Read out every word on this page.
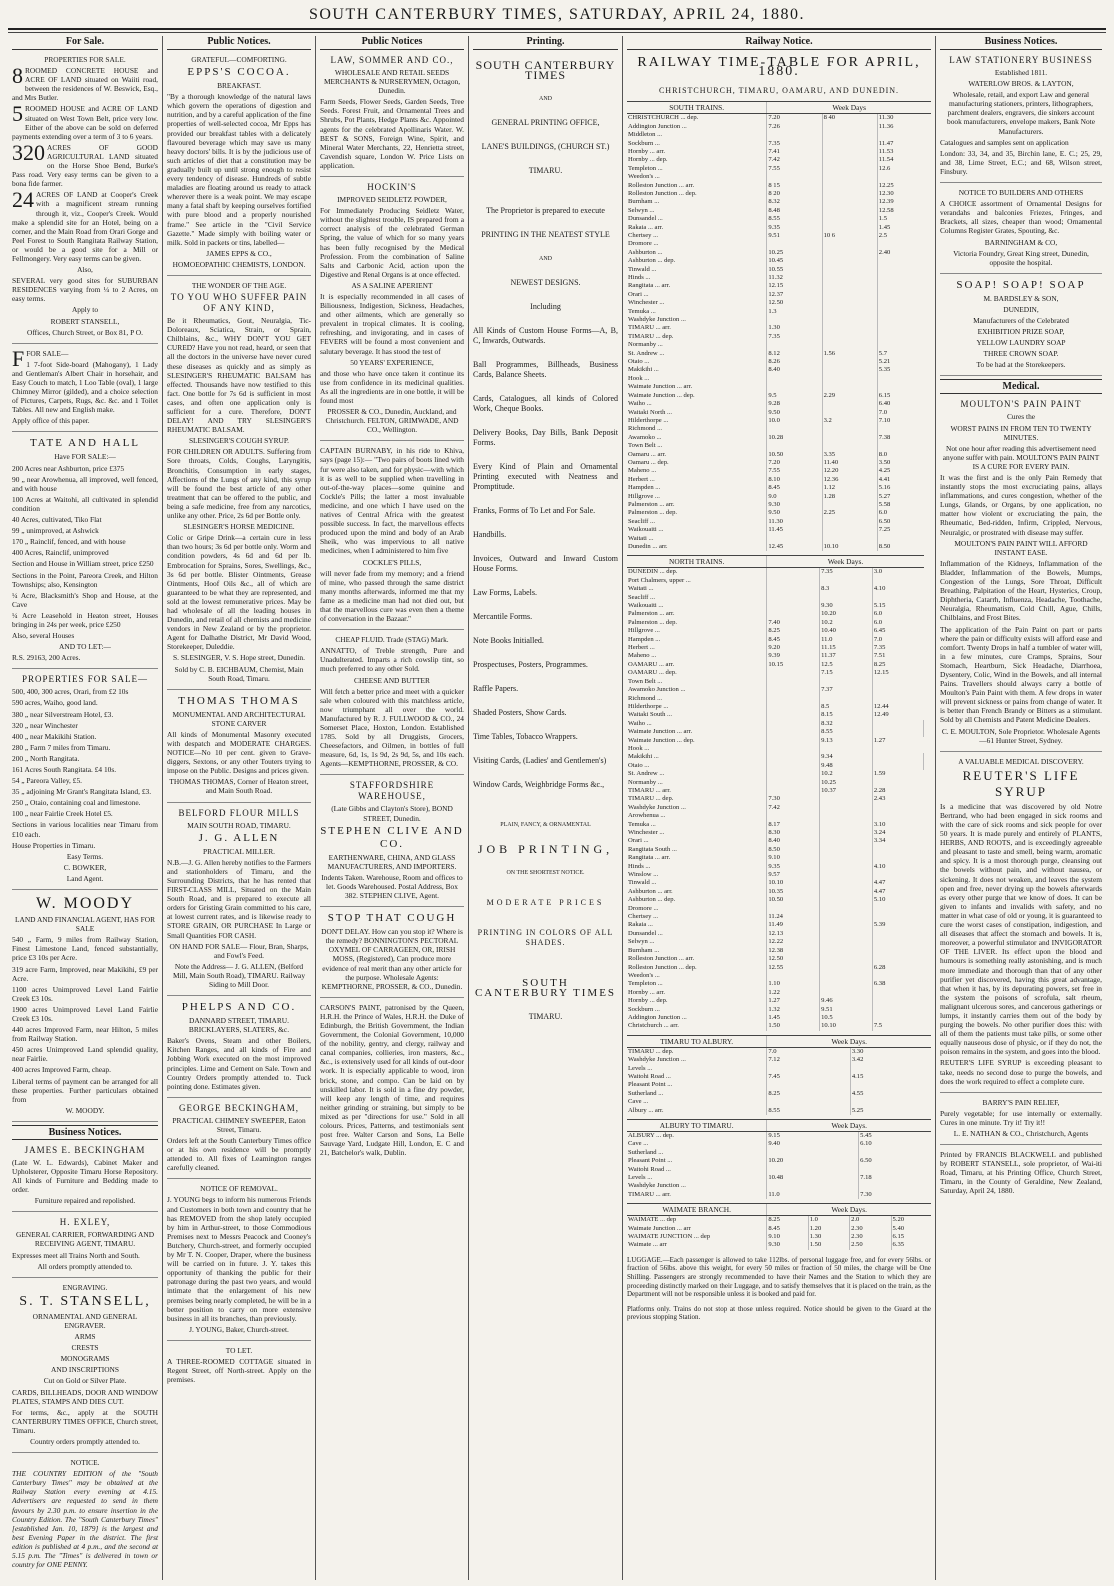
SOUTH CANTERBURY TIMES, SATURDAY, APRIL 24, 1880.
For Sale.

PROPERTIES FOR SALE.

8 ROOMED CONCRETE HOUSE and ACRE OF LAND situated on Waiiti road, between the residences of W. Beswick, Esq., and Mrs Butler.

5 ROOMED HOUSE and ACRE OF LAND situated on West Town Belt, price very low. Either of the above can be sold on deferred payments extending over a term of 3 to 6 years.

320 ACRES OF GOOD AGRICULTURAL LAND situated on the Horse Shoe Bend, Burke's Pass road. Very easy terms can be given to a bona fide farmer.

24 ACRES OF LAND at Cooper's Creek with a magnificent stream running through it, viz., Cooper's Creek. Would make a splendid site for an Hotel, being on a corner, and the Main Road from Orari Gorge and Peel Forest to South Rangitata Railway Station, or would be a good site for a Mill or Fellmongery. Very easy terms can be given.

Also,

SEVERAL very good sites for SUBURBAN RESIDENCES varying from ¼ to 2 Acres, on easy terms.

Apply to

ROBERT STANSELL,

Offices, Church Street, or Box 81, P O.

FFOR SALE—

1 7-foot Side-board (Mahogany), 1 Lady and Gentleman's Albert Chair in horsehair, and Easy Couch to match, 1 Loo Table (oval), 1 large Chimney Mirror (gilded), and a choice selection of Pictures, Carpets, Rugs, &c. &c. and 1 Toilet Tables. All new and English make.

Apply office of this paper.

TATE AND HALL

Have FOR SALE:—

200 Acres near Ashburton, price £375

90 „ near Arowhenua, all improved, well fenced, and with house

100 Acres at Waitohi, all cultivated in splendid condition

40 Acres, cultivated, Tiko Flat

99 „ unimproved, at Ashwick

170 „ Rainclif, fenced, and with house

400 Acres, Rainclif, unimproved

Section and House in William street, price £250

Sections in the Point, Pareora Creek, and Hilton Townships; also, Kensington

¼ Acre, Blacksmith's Shop and House, at the Cave

¼ Acre Leasehold in Heaton street, Houses bringing in 24s per week, price £250

Also, several Houses

AND TO LET:—

R.S. 29163, 200 Acres.

PROPERTIES FOR SALE—

500, 400, 300 acres, Orari, from £2 10s

590 acres, Waiho, good land.

380 „ near Silverstream Hotel, £3.

320 „ near Winchester

400 „ near Makikihi Station.

280 „ Farm 7 miles from Timaru.

200 „ North Rangitata.

161 Acres South Rangitata. £4 10s.

54 „ Pareora Valley, £5.

35 „ adjoining Mr Grant's Rangitata Island, £3.

250 „ Otaio, containing coal and limestone.

100 „ near Fairlie Creek Hotel £5.

Sections in various localities near Timaru from £10 each.

House Properties in Timaru.

Easy Terms.

C. BOWKER,

Land Agent.

W. MOODY

LAND AND FINANCIAL AGENT, HAS FOR SALE

540 „ Farm, 9 miles from Railway Station, Finest Limestone Land, fenced substantially, price £3 10s per Acre.

319 acre Farm, Improved, near Makikihi, £9 per Acre.

1100 acres Unimproved Level Land Fairlie Creek £3 10s.

1900 acres Unimproved Level Land Fairlie Creek £3 10s.

440 acres Improved Farm, near Hilton, 5 miles from Railway Station.

450 acres Unimproved Land splendid quality, near Fairlie.

400 acres Improved Farm, cheap.

Liberal terms of payment can be arranged for all these properties. Further particulars obtained from

W. MOODY.

Business Notices.

JAMES E. BECKINGHAM

(Late W. L. Edwards), Cabinet Maker and Upholsterer, Opposite Timaru Horse Repository. All kinds of Furniture and Bedding made to order.

Furniture repaired and repolished.

H. EXLEY,

GENERAL CARRIER, FORWARDING AND RECEIVING AGENT, TIMARU.

Expresses meet all Trains North and South.

All orders promptly attended to.

ENGRAVING.

S. T. STANSELL,

ORNAMENTAL AND GENERAL ENGRAVER.

ARMS

CRESTS

MONOGRAMS

AND INSCRIPTIONS

Cut on Gold or Silver Plate.

CARDS, BILLHEADS, DOOR AND WINDOW PLATES, STAMPS AND DIES CUT.

For terms, &c., apply at the SOUTH CANTERBURY TIMES OFFICE, Church street, Timaru.

Country orders promptly attended to.

NOTICE.

THE COUNTRY EDITION of the "South Canterbury Times" may be obtained at the Railway Station every evening at 4.15. Advertisers are requested to send in them favours by 2.30 p.m. to ensure insertion in the Country Edition. The "South Canterbury Times" [established Jan. 10, 1879] is the largest and best Evening Paper in the district. The first edition is published at 4 p.m., and the second at 5.15 p.m. The "Times" is delivered in town or country for ONE PENNY.

Public Notices.

GRATEFUL—COMFORTING.

EPPS'S COCOA.

BREAKFAST.

"By a thorough knowledge of the natural laws which govern the operations of digestion and nutrition, and by a careful application of the fine properties of well-selected cocoa, Mr Epps has provided our breakfast tables with a delicately flavoured beverage which may save us many heavy doctors' bills. It is by the judicious use of such articles of diet that a constitution may be gradually built up until strong enough to resist every tendency of disease. Hundreds of subtle maladies are floating around us ready to attack wherever there is a weak point. We may escape many a fatal shaft by keeping ourselves fortified with pure blood and a properly nourished frame." See article in the "Civil Service Gazette." Made simply with boiling water or milk. Sold in packets or tins, labelled—

JAMES EPPS & CO.,

HOMOEOPATHIC CHEMISTS, LONDON.

THE WONDER OF THE AGE.

TO YOU WHO SUFFER PAIN OF ANY KIND,

Be it Rheumatics, Gout, Neuralgia, Tic-Doloreaux, Sciatica, Strain, or Sprain, Chilblains, &c., WHY DON'T YOU GET CURED? Have you not read, heard, or seen that all the doctors in the universe have never cured these diseases as quickly and as simply as SLESINGER'S RHEUMATIC BALSAM has effected. Thousands have now testified to this fact. One bottle for 7s 6d is sufficient in most cases, and often one application only is sufficient for a cure. Therefore, DON'T DELAY! AND TRY SLESINGER'S RHEUMATIC BALSAM.

SLESINGER'S COUGH SYRUP.

FOR CHILDREN OR ADULTS. Suffering from Sore throats, Colds, Coughs, Laryngitis, Bronchitis, Consumption in early stages, Affections of the Lungs of any kind, this syrup will be found the best article of any other treatment that can be offered to the public, and being a safe medicine, free from any narcotics, unlike any other. Price, 2s 6d per Bottle only.

SLESINGER'S HORSE MEDICINE.

Colic or Gripe Drink—a certain cure in less than two hours; 3s 6d per bottle only. Worm and condition powders, 4s 6d and 6d per lb. Embrocation for Sprains, Sores, Swellings, &c., 3s 6d per bottle. Blister Ointments, Grease Ointments, Hoof Oils &c., all of which are guaranteed to be what they are represented, and sold at the lowest remunerative prices. May be had wholesale of all the leading houses in Dunedin, and retail of all chemists and medicine vendors in New Zealand or by the proprietor. Agent for Dalhathe District, Mr David Wood, Storekeeper, Duleddie.

S. SLESINGER, V. S. Hope street, Dunedin.

Sold by C. B. EICHBAUM, Chemist, Main South Road, Timaru.

THOMAS THOMAS

MONUMENTAL AND ARCHITECTURAL STONE CARVER

All kinds of Monumental Masonry executed with despatch and MODERATE CHARGES. NOTICE—No 10 per cent. given to Grave-diggers, Sextons, or any other Touters trying to impose on the Public. Designs and prices given.

THOMAS THOMAS, Corner of Heaton street, and Main South Road.

BELFORD FLOUR MILLS

MAIN SOUTH ROAD, TIMARU.

J. G. ALLEN

PRACTICAL MILLER.

N.B.—J. G. Allen hereby notifies to the Farmers and stationholders of Timaru, and the Surrounding Districts, that he has rented that FIRST-CLASS MILL, Situated on the Main South Road, and is prepared to execute all orders for Gristing Grain committed to his care, at lowest current rates, and is likewise ready to STORE GRAIN, OR PURCHASE In Large or Small Quantities FOR CASH.

ON HAND FOR SALE— Flour, Bran, Sharps, and Fowl's Feed.

Note the Address— J. G. ALLEN, (Belford Mill, Main South Road), TIMARU. Railway Siding to Mill Door.

PHELPS AND CO.

DANNARD STREET, TIMARU. BRICKLAYERS, SLATERS, &c.

Baker's Ovens, Steam and other Boilers, Kitchen Ranges, and all kinds of Fire and Jobbing Work executed on the most improved principles. Lime and Cement on Sale. Town and Country Orders promptly attended to. Tuck pointing done. Estimates given.

GEORGE BECKINGHAM,

PRACTICAL CHIMNEY SWEEPER, Eaton Street, Timaru.

Orders left at the South Canterbury Times office or at his own residence will be promptly attended to. All fixes of Leamington ranges carefully cleaned.

NOTICE OF REMOVAL.

J. YOUNG begs to inform his numerous Friends and Customers in both town and country that he has REMOVED from the shop lately occupied by him in Arthur-street, to those Commodious Premises next to Messrs Peacock and Cooney's Butchery, Church-street, and formerly occupied by Mr T. N. Cooper, Draper, where the business will be carried on in future. J. Y. takes this opportunity of thanking the public for their patronage during the past two years, and would intimate that the enlargement of his new premises being nearly completed, he will be in a better position to carry on more extensive business in all its branches, than previously.

J. YOUNG, Baker, Church-street.

TO LET.

A THREE-ROOMED COTTAGE situated in Regent Street, off North-street. Apply on the premises.

Public Notices

LAW, SOMMER AND CO.,

WHOLESALE AND RETAIL SEEDS MERCHANTS & NURSERYMEN, Octagon, Dunedin.

Farm Seeds, Flower Seeds, Garden Seeds, Tree Seeds. Forest Fruit, and Ornamental Trees and Shrubs, Pot Plants, Hedge Plants &c. Appointed agents for the celebrated Apollinaris Water. W. BEST & SONS, Foreign Wine, Spirit, and Mineral Water Merchants, 22, Henrietta street, Cavendish square, London W. Price Lists on application.

HOCKIN'S

IMPROVED SEIDLETZ POWDER,

For Immediately Producing Seidletz Water, without the slightest trouble, IS prepared from a correct analysis of the celebrated German Spring, the value of which for so many years has been fully recognised by the Medical Profession. From the combination of Saline Salts and Carbonic Acid, action upon the Digestive and Renal Organs is at once effected.

AS A SALINE APERIENT

It is especially recommended in all cases of Biliousness, Indigestion, Sickness, Headaches, and other ailments, which are generally so prevalent in tropical climates. It is cooling, refreshing, and invigorating, and in cases of FEVERS will be found a most convenient and salutary beverage. It has stood the test of

50 YEARS' EXPERIENCE,

and those who have once taken it continue its use from confidence in its medicinal qualities. As all the ingredients are in one bottle, it will be found most

PROSSER & CO., Dunedin, Auckland, and Christchurch. FELTON, GRIMWADE, AND CO., Wellington.

CAPTAIN BURNABY, in his ride to Khiva, says (page 15):— "Two pairs of boots lined with fur were also taken, and for physic—with which it is as well to be supplied when travelling in out-of-the-way places—some quinine and Cockle's Pills; the latter a most invaluable medicine, and one which I have used on the natives of Central Africa with the greatest possible success. In fact, the marvellous effects produced upon the mind and body of an Arab Sheik, who was impervious to all native medicines, when I administered to him five

COCKLE'S PILLS,

will never fade from my memory; and a friend of mine, who passed through the same district many months afterwards, informed me that my fame as a medicine man had not died out, but that the marvellous cure was even then a theme of conversation in the Bazaar."

CHEAP FLUID. Trade (STAG) Mark.

ANNATTO, of Treble strength, Pure and Unadulterated. Imparts a rich cowslip tint, so much preferred to any other Sold.

CHEESE AND BUTTER

Will fetch a better price and meet with a quicker sale when coloured with this matchless article, now triumphant all over the world. Manufactured by R. J. FULLWOOD & CO., 24 Somerset Place, Hoxton, London. Established 1785. Sold by all Druggists, Grocers, Cheesefactors, and Oilmen, in bottles of full measure, 6d, 1s, 1s 9d, 2s 9d, 5s, and 10s each. Agents—KEMPTHORNE, PROSSER, & CO.

STAFFORDSHIRE WAREHOUSE,

(Late Gibbs and Clayton's Store), BOND STREET, Dunedin.

STEPHEN CLIVE AND CO.

EARTHENWARE, CHINA, AND GLASS MANUFACTURERS, AND IMPORTERS.

Indents Taken. Warehouse, Room and offices to let. Goods Warehoused. Postal Address, Box 382. STEPHEN CLIVE, Agent.

STOP THAT COUGH

DON'T DELAY. How can you stop it? Where is the remedy? BONNINGTON'S PECTORAL OXYMEL OF CARRAGEEN, OR, IRISH MOSS, (Registered), Can produce more evidence of real merit than any other article for the purpose. Wholesale Agents: KEMPTHORNE, PROSSER, & CO., Dunedin.

CARSON'S PAINT, patronised by the Queen, H.R.H. the Prince of Wales, H.R.H. the Duke of Edinburgh, the British Government, the Indian Government, the Colonial Government, 10,000 of the nobility, gentry, and clergy, railway and canal companies, collieries, iron masters, &c., &c., is extensively used for all kinds of out-door work. It is especially applicable to wood, iron brick, stone, and compo. Can be laid on by unskilled labor. It is sold in a fine dry powder, will keep any length of time, and requires neither grinding or straining, but simply to be mixed as per "directions for use." Sold in all colours. Prices, Patterns, and testimonials sent post free. Walter Carson and Sons, La Belle Sauvage Yard, Ludgate Hill, London, E. C and 21, Batchelor's walk, Dublin.

Printing.

SOUTH CANTERBURY TIMES

AND

GENERAL PRINTING OFFICE,

LANE'S BUILDINGS, (CHURCH ST.)

TIMARU.

The Proprietor is prepared to execute

PRINTING IN THE NEATEST STYLE

AND

NEWEST DESIGNS.

Including

All Kinds of Custom House Forms—A, B, C, Inwards, Outwards.

Ball Programmes, Billheads, Business Cards, Balance Sheets.

Cards, Catalogues, all kinds of Colored Work, Cheque Books.

Delivery Books, Day Bills, Bank Deposit Forms.

Every Kind of Plain and Ornamental Printing executed with Neatness and Promptitude.

Franks, Forms of To Let and For Sale.

Handbills.

Invoices, Outward and Inward Custom House Forms.

Law Forms, Labels.

Mercantile Forms.

Note Books Initialled.

Prospectuses, Posters, Programmes.

Raffle Papers.

Shaded Posters, Show Cards.

Time Tables, Tobacco Wrappers.

Visiting Cards, (Ladies' and Gentlemen's)

Window Cards, Weighbridge Forms &c.,

PLAIN, FANCY, & ORNAMENTAL

JOB PRINTING,

ON THE SHORTEST NOTICE.

MODERATE PRICES

PRINTING IN COLORS OF ALL SHADES.

SOUTH CANTERBURY TIMES

TIMARU.

Railway Notice.
RAILWAY TIME-TABLE FOR APRIL, 1880.
CHRISTCHURCH, TIMARU, OAMARU, AND DUNEDIN.
SOUTH TRAINS.	Week Days		
CHRISTCHURCH ... dep.	7.20	8 40	11.30
Addington Junction ...	7.26		11.36
Middleton ...			
Sockburn ...	7.35		11.47
Hornby ... arr.	7.41		11.53
Hornby ... dep.	7.42		11.54
Templeton ...	7.55		12.6
Weedon's ...			
Rolleston Junction ... arr.	8 15		12.25
Rolleston Junction ... dep.	8 20		12.30
Burnham ...	8.32		12.39
Selwyn ...	8.48		12.58
Dunsandel ...	8.55		1.5
Rakaia ... arr.	9.35		1.45
Chertsey ...	9.51	10 6	2.5
Dromore ...			
Ashburton ...	10.25		2.40
Ashburton ... dep.	10.45		
Tinwald ...	10.55		
Hinds ...	11.32		
Rangitata ... arr.	12.15		
Orari ...	12.37		
Winchester ...	12.50		
Temuka ...	1.3		
Washdyke Junction ...			
TIMARU ... arr.	1.30		
TIMARU ... dep.	7.35		
Normanby ...			
St. Andrew ...	8.12	1.56	5.7
Otaio ...	8.26		5.21
Makikihi ...	8.40		5.35
Hook ...			
Waimate Junction ... arr.			
Waimate Junction ... dep.	9.5	2.29	6.15
Waiho ...	9.28		6.40
Waitaki North ...	9.50		7.0
Hilderthorpe ...	10.0	3.2	7.10
Richmond ...			
Awamoko ...	10.28		7.38
Town Belt ...			
Oamaru ... arr.	10.50	3.35	8.0
Oamaru ... dep.	7.20	11.40	3.50
Maheno ...	7.55	12.20	4.25
Herbert ...	8.10	12.36	4.41
Hampden ...	8.45	1.12	5.16
Hillgrove ...	9.0	1.28	5.27
Palmerston ... arr.	9.30		5.58
Palmerston ... dep.	9.50	2.25	6.0
Seacliff ...	11.30		6.50
Waikouaiti ...	11.45		7.25
Waitati ...			
Dunedin ... arr.	12.45	10.10	8.50
NORTH TRAINS.	Week Days.			
DUNEDIN ... dep.		7.35	3.0	
Port Chalmers, upper ...				
Waitati ...		8.3	4.10	
Seacliff ...				
Waikouaiti ...		9.30	5.15	
Palmerston ... arr.		10.20	6.0	
Palmerston ... dep.	7.40	10.2	6.0	
Hillgrove ...	8.25	10.40	6.45	
Hampden ...	8.45	11.0	7.0	
Herbert ...	9.20	11.15	7.35	
Maheno ...	9.39	11.37	7.51	
OAMARU ... arr.	10.15	12.5	8.25	
OAMARU ... dep.		7.15	12.15	
Town Belt ...				
Awamoko Junction ...		7.37		
Richmond ...				
Hilderthorpe ...		8.5	12.44	
Waitaki South ...		8.15	12.49	
Waiho ...		8.32		
Waimate Junction ... arr.		8.55		
Waimate Junction ... dep.		9.13	1.27	
Hook ...				
Makikihi ...		9.34		
Otaio ...		9.48		
St. Andrew ...		10.2	1.59	
Normanby ...		10.25		
TIMARU ... arr.		10.37	2.28	
TIMARU ... dep.	7.30		2.43	
Washdyke Junction ...	7.42			
Arowhenua ...				
Temuka ...	8.17		3.10	
Winchester ...	8.30		3.24	
Orari ...	8.40		3.34	
Rangitata South ...	8.50			
Rangitata ... arr.	9.10			
Hinds ...	9.35		4.10	
Winslow ...	9.57			
Tinwald ...	10.10		4.47	
Ashburton ... arr.	10.35		4.47	
Ashburton ... dep.	10.50		5.10	
Dromore ...				
Chertsey ...	11.24			
Rakaia ...	11.49		5.39	
Dunsandel ...	12.13			
Selwyn ...	12.22			
Burnham ...	12.38			
Rolleston Junction ... arr.	12.50			
Rolleston Junction ... dep.	12.55		6.28	
Weedon's ...				
Templeton ...	1.10		6.38	
Hornby ... arr.	1.22			
Hornby ... dep.	1.27	9.46		
Sockburn ...	1.32	9.51		
Addington Junction ...	1.45	10.5		
Christchurch ... arr.	1.50	10.10	7.5	
TIMARU TO ALBURY.	Week Days.	
TIMARU ... dep.	7.0	3.30
Washdyke Junction ...	7.12	3.42
Levels ...		
Waitohi Road ...	7.45	4.15
Pleasant Point ...		
Sutherland ...	8.25	4.55
Cave ...		
Albury ... arr.	8.55	5.25
ALBURY TO TIMARU.	Week Days.	
ALBURY ... dep.	9.15	5.45
Cave ...	9.40	6.10
Sutherland ...		
Pleasant Point ...	10.20	6.50
Waitohi Road ...		
Levels ...	10.48	7.18
Washdyke Junction ...		
TIMARU ... arr.	11.0	7.30
WAIMATE BRANCH.	Week Days.			
WAIMATE ... dep	8.25	1.0	2.0	5.20
Waimate Junction ... arr	8.45	1.20	2.30	5.40
WAIMATE JUNCTION ... dep	9.10	1.30	2.30	6.15
Waimate ... arr	9.30	1.50	2.50	6.35
LUGGAGE.—Each passenger is allowed to take 112lbs. of personal luggage free, and for every 56lbs. or fraction of 56lbs. above this weight, for every 50 miles or fraction of 50 miles, the charge will be One Shilling. Passengers are strongly recommended to have their Names and the Station to which they are proceeding distinctly marked on their Luggage, and to satisfy themselves that it is placed on the train, as the Department will not be responsible unless it is booked and paid for.
Platforms only. Trains do not stop at those unless required. Notice should be given to the Guard at the previous stopping Station.
Business Notices.

LAW STATIONERY BUSINESS

Established 1811.

WATERLOW BROS. & LAYTON,

Wholesale, retail, and export Law and general manufacturing stationers, printers, lithographers, parchment dealers, engravers, die sinkers account book manufacturers, envelope makers, Bank Note Manufacturers.

Catalogues and samples sent on application

London: 33, 34, and 35, Birchin lane, E. C.; 25, 29, and 38, Lime Street, E.C.; and 68, Wilson street, Finsbury.

NOTICE TO BUILDERS AND OTHERS

A CHOICE assortment of Ornamental Designs for verandahs and balconies Friezes, Fringes, and Brackets, all sizes, cheaper than wood; Ornamental Columns Register Grates, Spouting, &c.

BARNINGHAM & CO,

Victoria Foundry, Great King street, Dunedin, opposite the hospital.

SOAP! SOAP! SOAP

M. BARDSLEY & SON,

DUNEDIN,

Manufacturers of the Celebrated

EXHIBITION PRIZE SOAP,

YELLOW LAUNDRY SOAP

THREE CROWN SOAP.

To be had at the Storekeepers.

Medical.

MOULTON'S PAIN PAINT

Cures the

WORST PAINS IN FROM TEN TO TWENTY MINUTES.

Not one hour after reading this advertisement need anyone suffer with pain. MOULTON'S PAIN PAINT IS A CURE FOR EVERY PAIN.

It was the first and is the only Pain Remedy that instantly stops the most excruciating pains, allays inflammations, and cures congestion, whether of the Lungs, Glands, or Organs, by one application, no matter how violent or excruciating the pain, the Rheumatic, Bed-ridden, Infirm, Crippled, Nervous, Neuralgic, or prostrated with disease may suffer.

MOULTON'S PAIN PAINT WILL AFFORD INSTANT EASE.

Inflammation of the Kidneys, Inflammation of the Bladder, Inflammation of the Bowels, Mumps, Congestion of the Lungs, Sore Throat, Difficult Breathing, Palpitation of the Heart, Hysterics, Croup, Diphtheria, Catarrh, Influenza, Headache, Toothache, Neuralgia, Rheumatism, Cold Chill, Ague, Chills, Chilblains, and Frost Bites.

The application of the Pain Paint on part or parts where the pain or difficulty exists will afford ease and comfort. Twenty Drops in half a tumbler of water will, in a few minutes, cure Cramps, Sprains, Sour Stomach, Heartburn, Sick Headache, Diarrhoea, Dysentery, Colic, Wind in the Bowels, and all internal Pains. Travellers should always carry a bottle of Moulton's Pain Paint with them. A few drops in water will prevent sickness or pains from change of water. It is better than French Brandy or Bitters as a stimulant. Sold by all Chemists and Patent Medicine Dealers.

C. E. MOULTON, Sole Proprietor. Wholesale Agents—61 Hunter Street, Sydney.

A VALUABLE MEDICAL DISCOVERY.

REUTER'S LIFE SYRUP

Is a medicine that was discovered by old Notre Bertrand, who had been engaged in sick rooms and with the care of sick rooms and sick people for over 50 years. It is made purely and entirely of PLANTS, HERBS, AND ROOTS, and is exceedingly agreeable and pleasant to taste and smell, being warm, aromatic and spicy. It is a most thorough purge, cleansing out the bowels without pain, and without nausea, or sickening. It does not weaken, and leaves the system open and free, never drying up the bowels afterwards as every other purge that we know of does. It can be given to infants and invalids with safety, and no matter in what case of old or young, it is guaranteed to cure the worst cases of constipation, indigestion, and all diseases that affect the stomach and bowels. It is, moreover, a powerful stimulator and INVIGORATOR OF THE LIVER. Its effect upon the blood and humours is something really astonishing, and is much more immediate and thorough than that of any other purifier yet discovered, having this great advantage, that when it has, by its depurating powers, set free in the system the poisons of scrofula, salt rheum, malignant ulcerous sores, and cancerous gatherings or lumps, it instantly carries them out of the body by purging the bowels. No other purifier does this: with all of them the patients must take pills, or some other equally nauseous dose of physic, or if they do not, the poison remains in the system, and goes into the blood.

REUTER'S LIFE SYRUP is exceeding pleasant to take, needs no second dose to purge the bowels, and does the work required to effect a complete cure.

BARRY'S PAIN RELIEF,

Purely vegetable; for use internally or externally. Cures in one minute. Try it! Try it!!

L. E. NATHAN & CO., Christchurch, Agents

Printed by FRANCIS BLACKWELL and published by ROBERT STANSELL, sole proprietor, of Wai-iti Road, Timaru, at his Printing Office, Church Street, Timaru, in the County of Geraldine, New Zealand, Saturday, April 24, 1880.
